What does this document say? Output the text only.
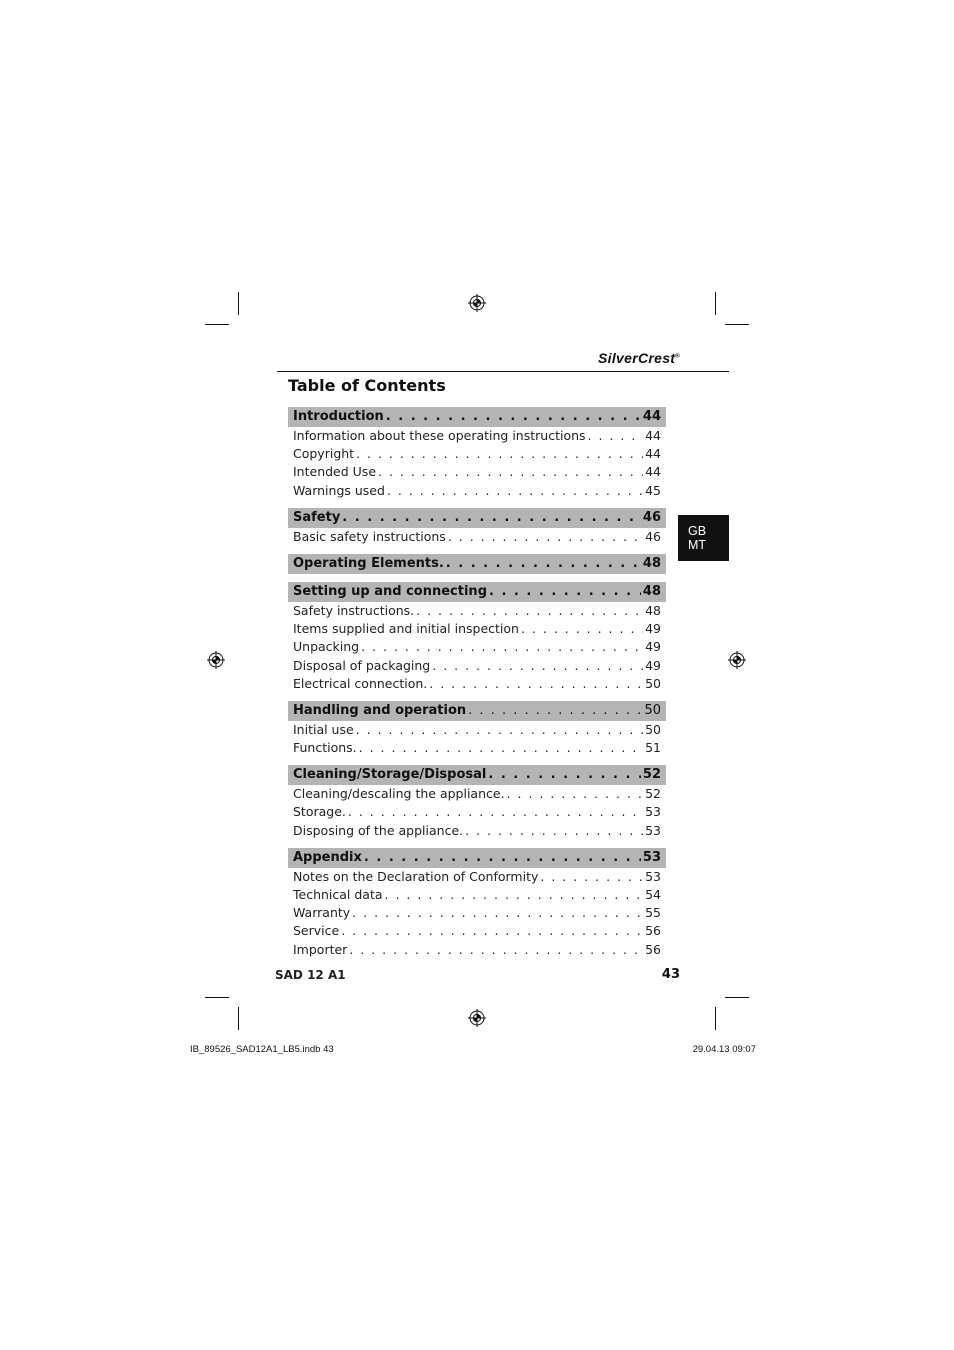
SilverCrest®
Table of Contents
Introduction . . .	44
Information about these operating instructions . . .	44
Copyright . . .	44
Intended Use . . .	44
Warnings used . . .	45
Safety . . .	46
Basic safety instructions . . .	46
Operating Elements. . . .	48
Setting up and connecting . . .	48
Safety instructions. . . .	48
Items supplied and initial inspection . . .	49
Unpacking . . .	49
Disposal of packaging . . .	49
Electrical connection. . . .	50
Handling and operation . . .	50
Initial use . . .	50
Functions. . . .	51
Cleaning/Storage/Disposal . . .	52
Cleaning/descaling the appliance. . . .	52
Storage. . . .	53
Disposing of the appliance. . . .	53
Appendix . . .	53
Notes on the Declaration of Conformity . . .	53
Technical data . . .	54
Warranty . . .	55
Service . . .	56
Importer . . .	56
GB
MT
SAD 12 A1	43
IB_89526_SAD12A1_LB5.indb 43	29.04.13 09:07
